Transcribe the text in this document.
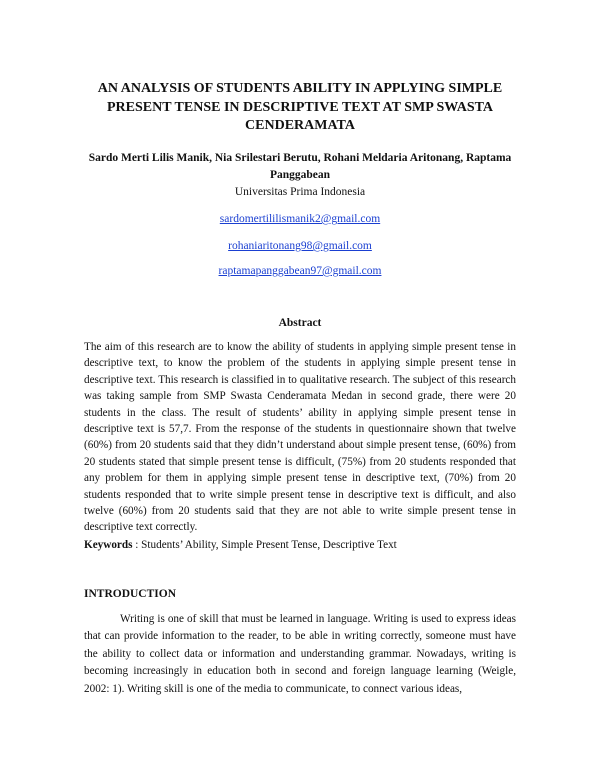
AN ANALYSIS OF STUDENTS ABILITY IN APPLYING SIMPLE PRESENT TENSE IN DESCRIPTIVE TEXT AT SMP SWASTA CENDERAMATA

Sardo Merti Lilis Manik, Nia Srilestari Berutu, Rohani Meldaria Aritonang, Raptama Panggabean

Universitas Prima Indonesia

sardomertililismanik2@gmail.com

rohaniaritonang98@gmail.com

raptamapanggabean97@gmail.com

Abstract

The aim of this research are to know the ability of students in applying simple present tense in descriptive text, to know the problem of the students in applying simple present tense in descriptive text. This research is classified in to qualitative research. The subject of this research was taking sample from SMP Swasta Cenderamata Medan in second grade, there were 20 students in the class. The result of students’ ability in applying simple present tense in descriptive text is 57,7. From the response of the students in questionnaire shown that twelve (60%) from 20 students said that they didn’t understand about simple present tense, (60%) from 20 students stated that simple present tense is difficult, (75%) from 20 students responded that any problem for them in applying simple present tense in descriptive text, (70%) from 20 students responded that to write simple present tense in descriptive text is difficult, and also twelve (60%) from 20 students said that they are not able to write simple present tense in descriptive text correctly.

Keywords : Students’ Ability, Simple Present Tense, Descriptive Text

INTRODUCTION

Writing is one of skill that must be learned in language. Writing is used to express ideas that can provide information to the reader, to be able in writing correctly, someone must have the ability to collect data or information and understanding grammar. Nowadays, writing is becoming increasingly in education both in second and foreign language learning (Weigle, 2002: 1). Writing skill is one of the media to communicate, to connect various ideas,
